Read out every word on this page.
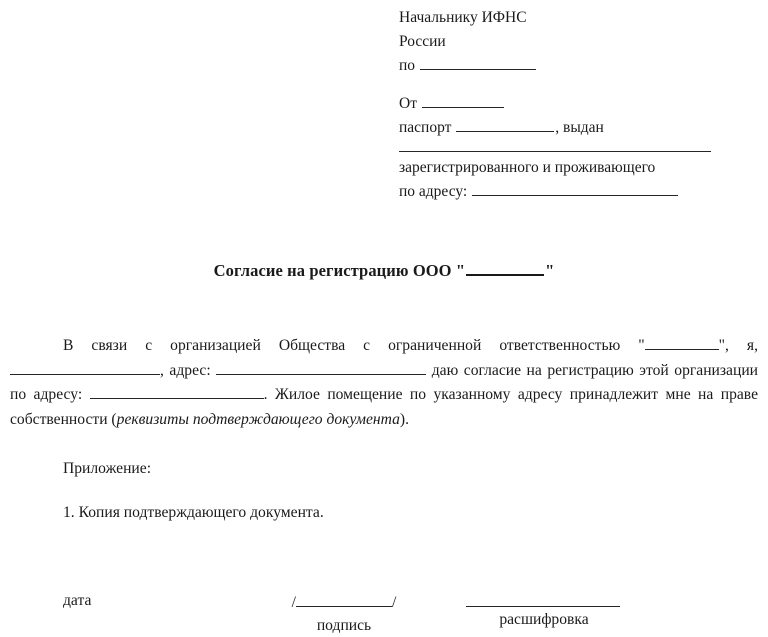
Начальнику ИФНС
России
по
От
паспорт	, выдан
зарегистрированного и проживающего
по адресу:
Согласие на регистрацию ООО "	"
В связи с организацией Общества с ограниченной ответственностью "	", я, , адрес:	даю согласие на регистрацию этой организации по адресу:	. Жилое помещение по указанному адресу принадлежит мне на праве собственности (реквизиты подтверждающего документа).
Приложение:
1. Копия подтверждающего документа.
дата	/	/
подпись	расшифровка
